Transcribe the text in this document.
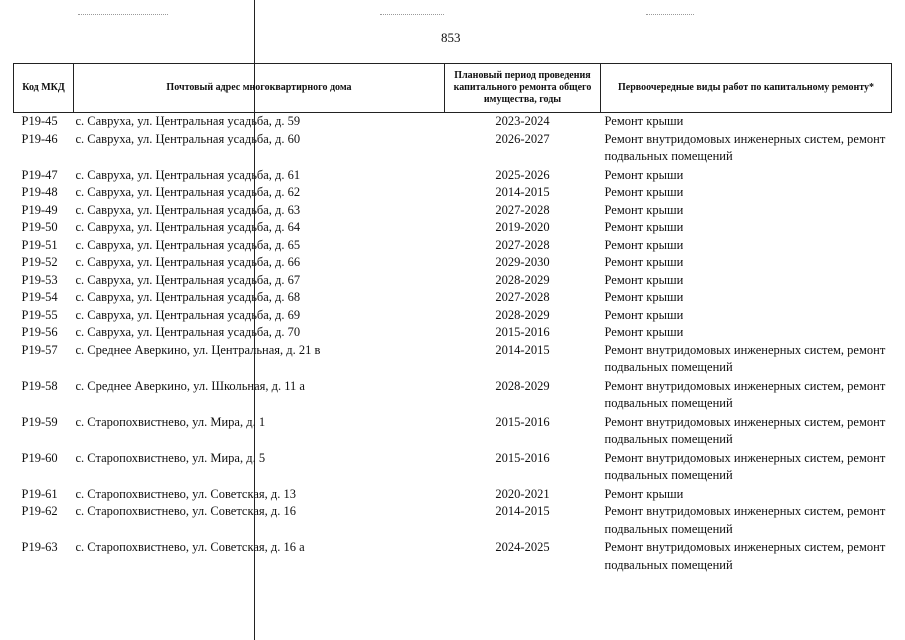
853
Код МКД	Почтовый адрес многоквартирного дома	Плановый период проведения капитального ремонта общего имущества, годы	Первоочередные виды работ по капитальному ремонту*
Р19-45	с. Савруха, ул. Центральная усадьба, д. 59	2023-2024	Ремонт крыши
Р19-46	с. Савруха, ул. Центральная усадьба, д. 60	2026-2027	Ремонт внутридомовых инженерных систем, ремонт подвальных помещений
Р19-47	с. Савруха, ул. Центральная усадьба, д. 61	2025-2026	Ремонт крыши
Р19-48	с. Савруха, ул. Центральная усадьба, д. 62	2014-2015	Ремонт крыши
Р19-49	с. Савруха, ул. Центральная усадьба, д. 63	2027-2028	Ремонт крыши
Р19-50	с. Савруха, ул. Центральная усадьба, д. 64	2019-2020	Ремонт крыши
Р19-51	с. Савруха, ул. Центральная усадьба, д. 65	2027-2028	Ремонт крыши
Р19-52	с. Савруха, ул. Центральная усадьба, д. 66	2029-2030	Ремонт крыши
Р19-53	с. Савруха, ул. Центральная усадьба, д. 67	2028-2029	Ремонт крыши
Р19-54	с. Савруха, ул. Центральная усадьба, д. 68	2027-2028	Ремонт крыши
Р19-55	с. Савруха, ул. Центральная усадьба, д. 69	2028-2029	Ремонт крыши
Р19-56	с. Савруха, ул. Центральная усадьба, д. 70	2015-2016	Ремонт крыши
Р19-57	с. Среднее Аверкино, ул. Центральная, д. 21 в	2014-2015	Ремонт внутридомовых инженерных систем, ремонт подвальных помещений
Р19-58	с. Среднее Аверкино, ул. Школьная, д. 11 а	2028-2029	Ремонт внутридомовых инженерных систем, ремонт подвальных помещений
Р19-59	с. Старопохвистнево, ул. Мира, д. 1	2015-2016	Ремонт внутридомовых инженерных систем, ремонт подвальных помещений
Р19-60	с. Старопохвистнево, ул. Мира, д. 5	2015-2016	Ремонт внутридомовых инженерных систем, ремонт подвальных помещений
Р19-61	с. Старопохвистнево, ул. Советская, д. 13	2020-2021	Ремонт крыши
Р19-62	с. Старопохвистнево, ул. Советская, д. 16	2014-2015	Ремонт внутридомовых инженерных систем, ремонт подвальных помещений
Р19-63	с. Старопохвистнево, ул. Советская, д. 16 а	2024-2025	Ремонт внутридомовых инженерных систем, ремонт подвальных помещений
